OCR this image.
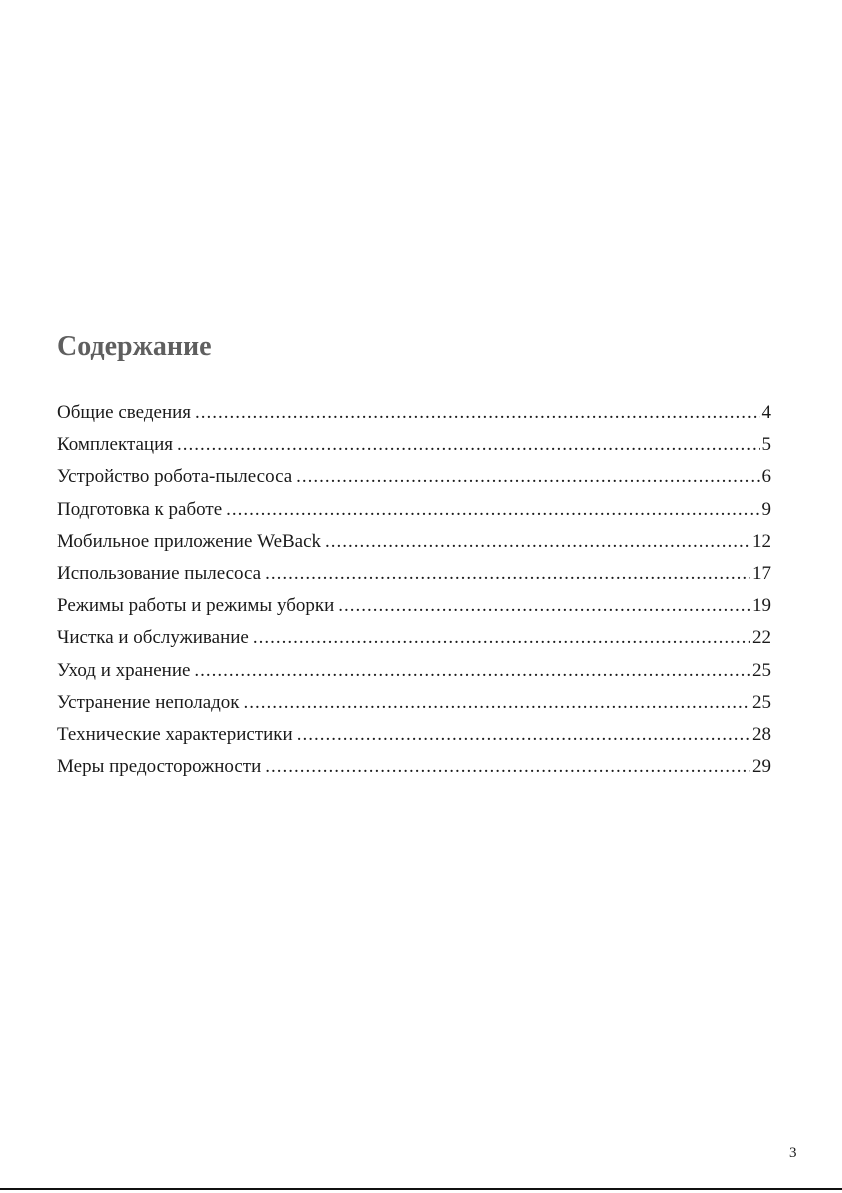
Содержание
Общие сведения .....	4
Комплектация .....	5
Устройство робота-пылесоса .....	6
Подготовка к работе .....	9
Мобильное приложение WeBack .....	12
Использование пылесоса .....	17
Режимы работы и режимы уборки .....	19
Чистка и обслуживание .....	22
Уход и хранение .....	25
Устранение неполадок .....	25
Технические характеристики .....	28
Меры предосторожности .....	29
3
